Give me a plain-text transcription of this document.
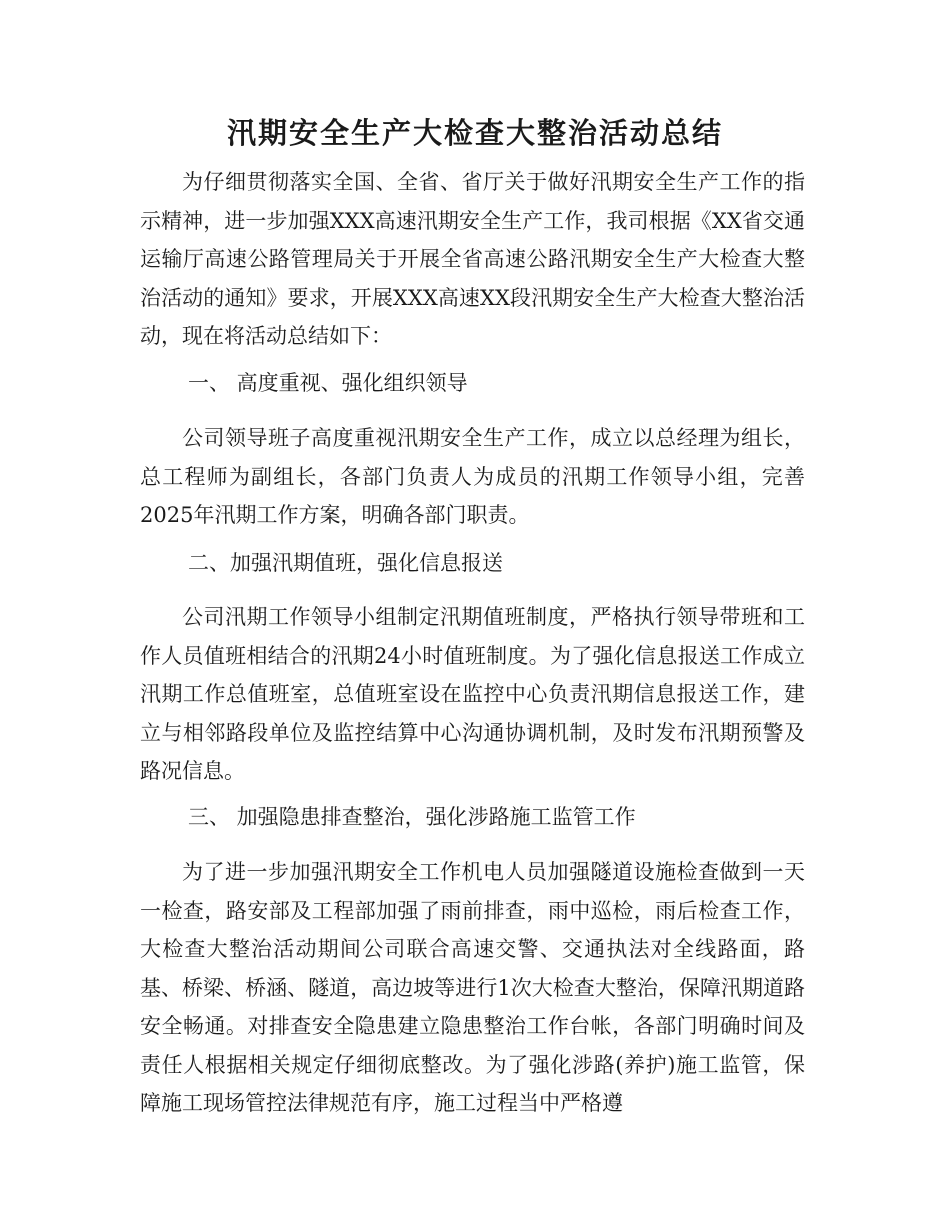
汛期安全生产大检查大整治活动总结

为仔细贯彻落实全国、全省、省厅关于做好汛期安全生产工作的指示精神，进一步加强XXX高速汛期安全生产工作，我司根据《XX省交通运输厅高速公路管理局关于开展全省高速公路汛期安全生产大检查大整治活动的通知》要求，开展XXX高速XX段汛期安全生产大检查大整治活动，现在将活动总结如下：

一、 高度重视、强化组织领导

公司领导班子高度重视汛期安全生产工作，成立以总经理为组长，总工程师为副组长，各部门负责人为成员的汛期工作领导小组，完善2025年汛期工作方案，明确各部门职责。

二、加强汛期值班，强化信息报送

公司汛期工作领导小组制定汛期值班制度，严格执行领导带班和工作人员值班相结合的汛期24小时值班制度。为了强化信息报送工作成立汛期工作总值班室，总值班室设在监控中心负责汛期信息报送工作，建立与相邻路段单位及监控结算中心沟通协调机制，及时发布汛期预警及路况信息。

三、 加强隐患排查整治，强化涉路施工监管工作

为了进一步加强汛期安全工作机电人员加强隧道设施检查做到一天一检查，路安部及工程部加强了雨前排查，雨中巡检，雨后检查工作，大检查大整治活动期间公司联合高速交警、交通执法对全线路面，路基、桥梁、桥涵、隧道，高边坡等进行1次大检查大整治，保障汛期道路安全畅通。对排查安全隐患建立隐患整治工作台帐，各部门明确时间及责任人根据相关规定仔细彻底整改。为了强化涉路(养护)施工监管，保障施工现场管控法律规范有序，施工过程当中严格遵
